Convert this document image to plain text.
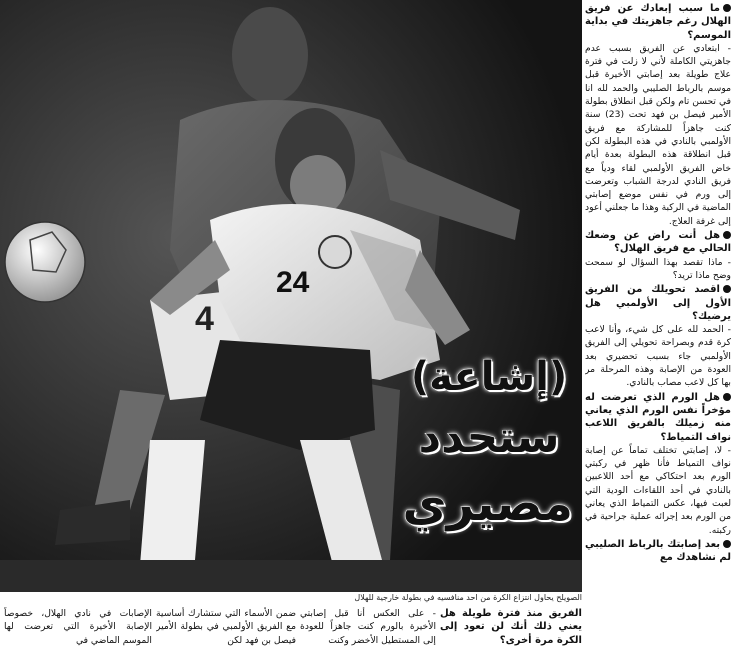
4
24
(إشاعة)
ستحدد
مصيري
الصويلح يحاول انتزاع الكرة من احد منافسيه في بطولة خارجية للهلال
ما سبب إبعادك عن فريق الهلال رغم جاهزيتك في بداية الموسم؟
- ابتعادي عن الفريق بسبب عدم جاهزيتي الكاملة لأني لا زلت في فترة علاج طويلة بعد إصابتي الأخيرة قبل موسم بالرباط الصليبي والحمد لله انا في تحسن تام ولكن قبل انطلاق بطولة الأمير فيصل بن فهد تحت (23) سنة كنت جاهزاً للمشاركة مع فريق الأولمبي بالنادي في هذه البطولة لكن قبل انطلاقة هذه البطولة بعدة أيام خاض الفريق الأولمبي لقاء ودياً مع فريق النادي لدرجة الشباب وتعرضت إلى ورم في نفس موضع إصابتي الماضية في الركبة وهذا ما جعلني أعود إلى غرفة العلاج.
هل أنت راض عن وضعك الحالي مع فريق الهلال؟
- ماذا تقصد بهذا السؤال لو سمحت وضح ماذا تريد؟
اقصد تحويلك من الفريق الأول إلى الأولمبي هل يرضيك؟
- الحمد لله على كل شيء، وأنا لاعب كرة قدم وبصراحة تحويلي إلى الفريق الأولمبي جاء بسبب تحضيري بعد العودة من الإصابة وهذه المرحلة مر بها كل لاعب مصاب بالنادي.
هل الورم الذي تعرضت له مؤخراً نفس الورم الذي يعاني منه زميلك بالفريق اللاعب نواف التمياط؟
- لا، إصابتي تختلف تماماً عن إصابة نواف التمياط فأنا ظهر في ركبتي الورم بعد احتكاكي مع أحد اللاعبين بالنادي في أحد اللقاءات الودية التي لعبت فيها، عكس التمياط الذي يعاني من الورم بعد إجرائه عملية جراحية في ركبته.
بعد إصابتك بالرباط الصليبي لم نشاهدك مع
الفريق منذ فترة طويلة هل يعني ذلك أنك لن تعود إلى الكرة مرة أخرى؟
- على العكس أنا قبل إصابتي الأخيرة بالورم كنت جاهزاً للعودة إلى المستطيل الأخضر وكنت
ضمن الأسماء التي ستشارك أساسية مع الفريق الأولمبي في بطولة الأمير فيصل بن فهد لكن
الإصابات في نادي الهلال، خصوصاً الإصابة الأخيرة التي تعرضت لها الموسم الماضي في
